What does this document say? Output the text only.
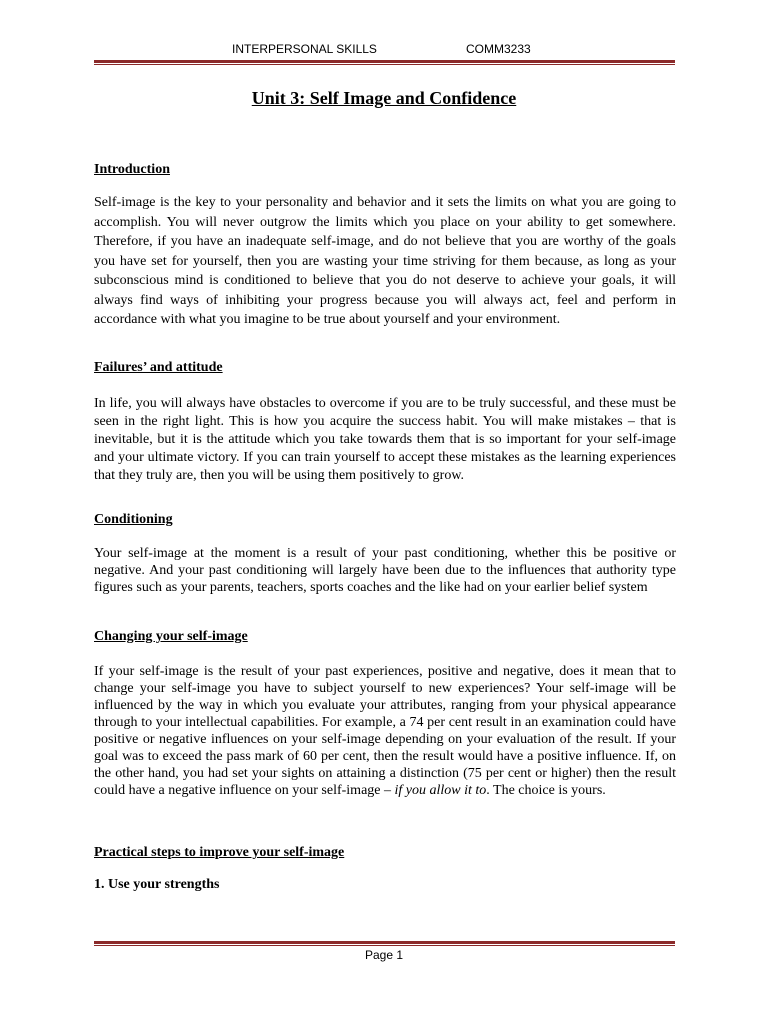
INTERPERSONAL SKILLS	COMM3233
Unit 3: Self Image and Confidence
Introduction

Self-image is the key to your personality and behavior and it sets the limits on what you are going to accomplish. You will never outgrow the limits which you place on your ability to get somewhere. Therefore, if you have an inadequate self-image, and do not believe that you are worthy of the goals you have set for yourself, then you are wasting your time striving for them because, as long as your subconscious mind is conditioned to believe that you do not deserve to achieve your goals, it will always find ways of inhibiting your progress because you will always act, feel and perform in accordance with what you imagine to be true about yourself and your environment.

Failures’ and attitude

In life, you will always have obstacles to overcome if you are to be truly successful, and these must be seen in the right light. This is how you acquire the success habit. You will make mistakes – that is inevitable, but it is the attitude which you take towards them that is so important for your self-image and your ultimate victory. If you can train yourself to accept these mistakes as the learning experiences that they truly are, then you will be using them positively to grow.

Conditioning

Your self-image at the moment is a result of your past conditioning, whether this be positive or negative. And your past conditioning will largely have been due to the influences that authority type figures such as your parents, teachers, sports coaches and the like had on your earlier belief system

Changing your self-image

If your self-image is the result of your past experiences, positive and negative, does it mean that to change your self-image you have to subject yourself to new experiences? Your self-image will be influenced by the way in which you evaluate your attributes, ranging from your physical appearance through to your intellectual capabilities. For example, a 74 per cent result in an examination could have positive or negative influences on your self-image depending on your evaluation of the result. If your goal was to exceed the pass mark of 60 per cent, then the result would have a positive influence. If, on the other hand, you had set your sights on attaining a distinction (75 per cent or higher) then the result could have a negative influence on your self-image – if you allow it to. The choice is yours.

Practical steps to improve your self-image
1. Use your strengths
Page 1
